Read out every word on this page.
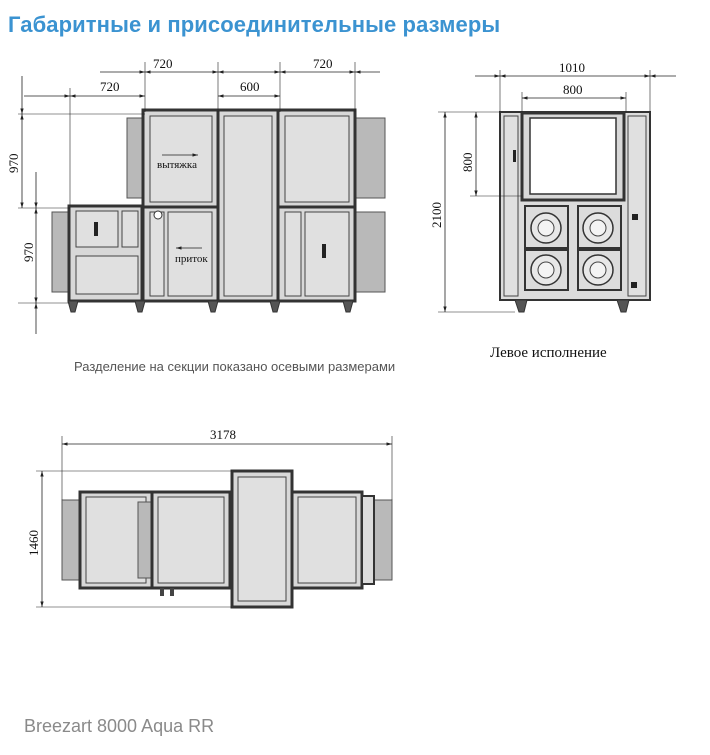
Габаритные и присоединительные размеры
вытяжка
приток
720	720
720	600
970
970
1010
800
800
2100
3178
1460
Разделение на секции показано осевыми размерами
Левое исполнение
Breezart 8000 Aqua RR
